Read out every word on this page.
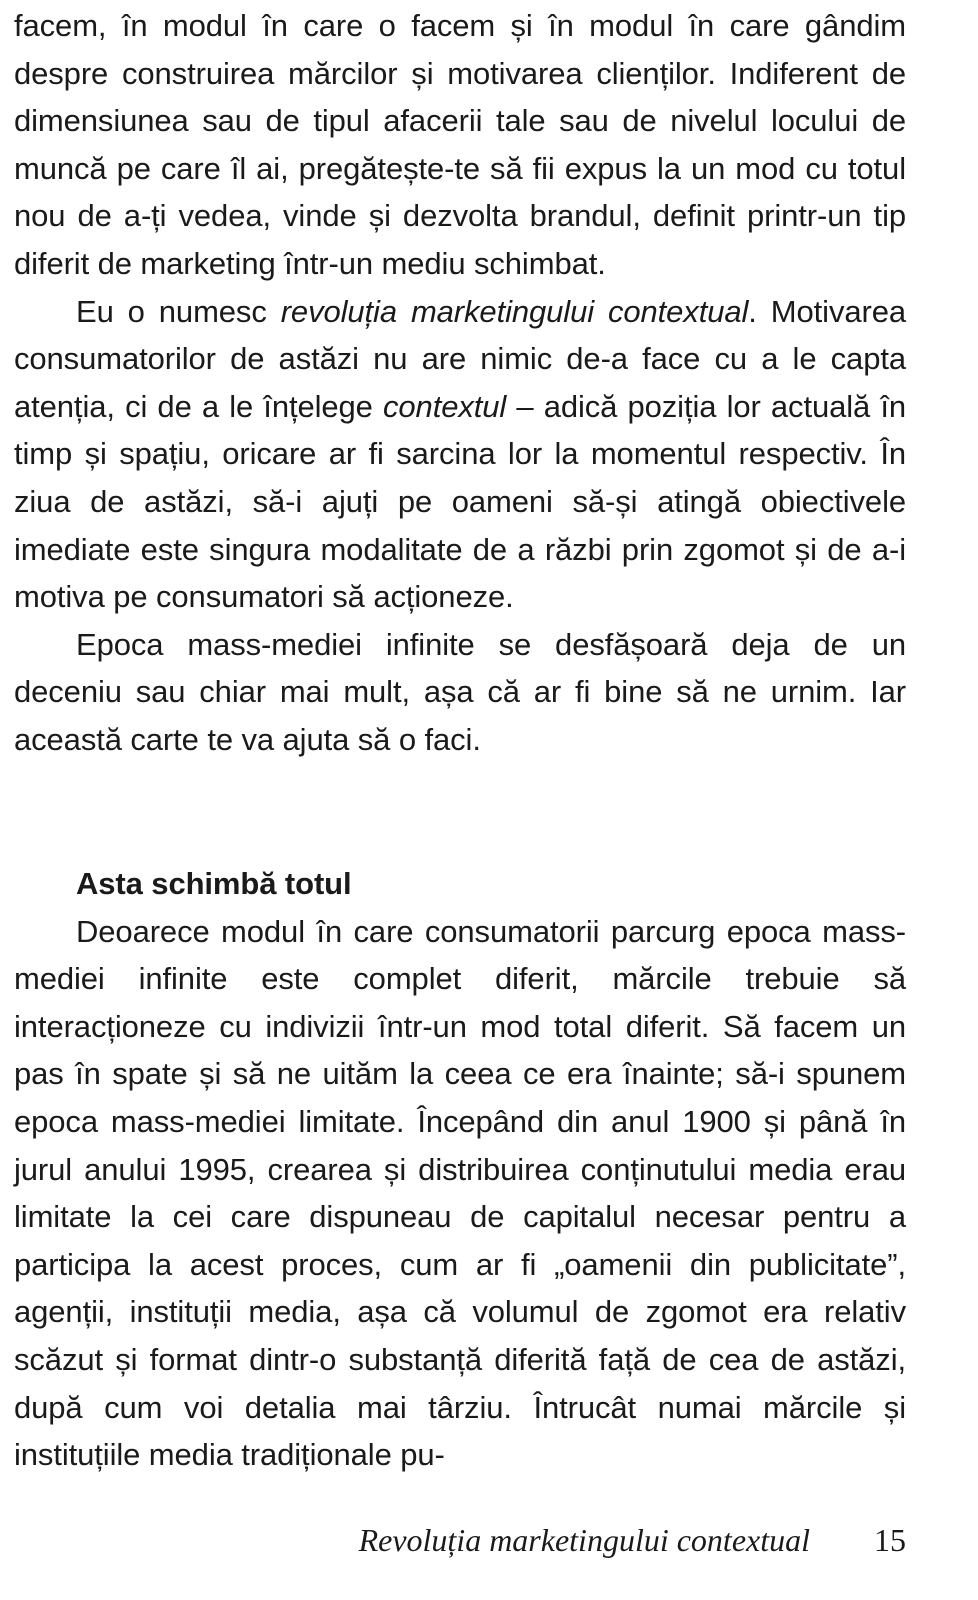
facem, în modul în care o facem și în modul în care gândim despre construirea mărcilor și motivarea clienților. Indiferent de dimensiunea sau de tipul afacerii tale sau de nivelul locului de muncă pe care îl ai, pregătește-te să fii expus la un mod cu totul nou de a-ți vedea, vinde și dezvolta brandul, definit printr-un tip diferit de marketing într-un mediu schimbat.

Eu o numesc revoluția marketingului contextual. Motivarea consumatorilor de astăzi nu are nimic de-a face cu a le capta atenția, ci de a le înțelege contextul – adică poziția lor actuală în timp și spațiu, oricare ar fi sarcina lor la momentul respectiv. În ziua de astăzi, să-i ajuți pe oameni să-și atingă obiectivele imediate este singura modalitate de a răzbi prin zgomot și de a-i motiva pe consumatori să acționeze.

Epoca mass-mediei infinite se desfășoară deja de un deceniu sau chiar mai mult, așa că ar fi bine să ne urnim. Iar această carte te va ajuta să o faci.

Asta schimbă totul

Deoarece modul în care consumatorii parcurg epoca mass-mediei infinite este complet diferit, mărcile trebuie să interacționeze cu indivizii într-un mod total diferit. Să facem un pas în spate și să ne uităm la ceea ce era înainte; să-i spunem epoca mass-mediei limitate. Începând din anul 1900 și până în jurul anului 1995, crearea și distribuirea conținutului media erau limitate la cei care dispuneau de capitalul necesar pentru a participa la acest proces, cum ar fi „oamenii din publicitate”, agenții, instituții media, așa că volumul de zgomot era relativ scăzut și format dintr-o substanță diferită față de cea de astăzi, după cum voi detalia mai târziu. Întrucât numai mărcile și instituțiile media tradiționale pu-

Revoluția marketingului contextual 15
